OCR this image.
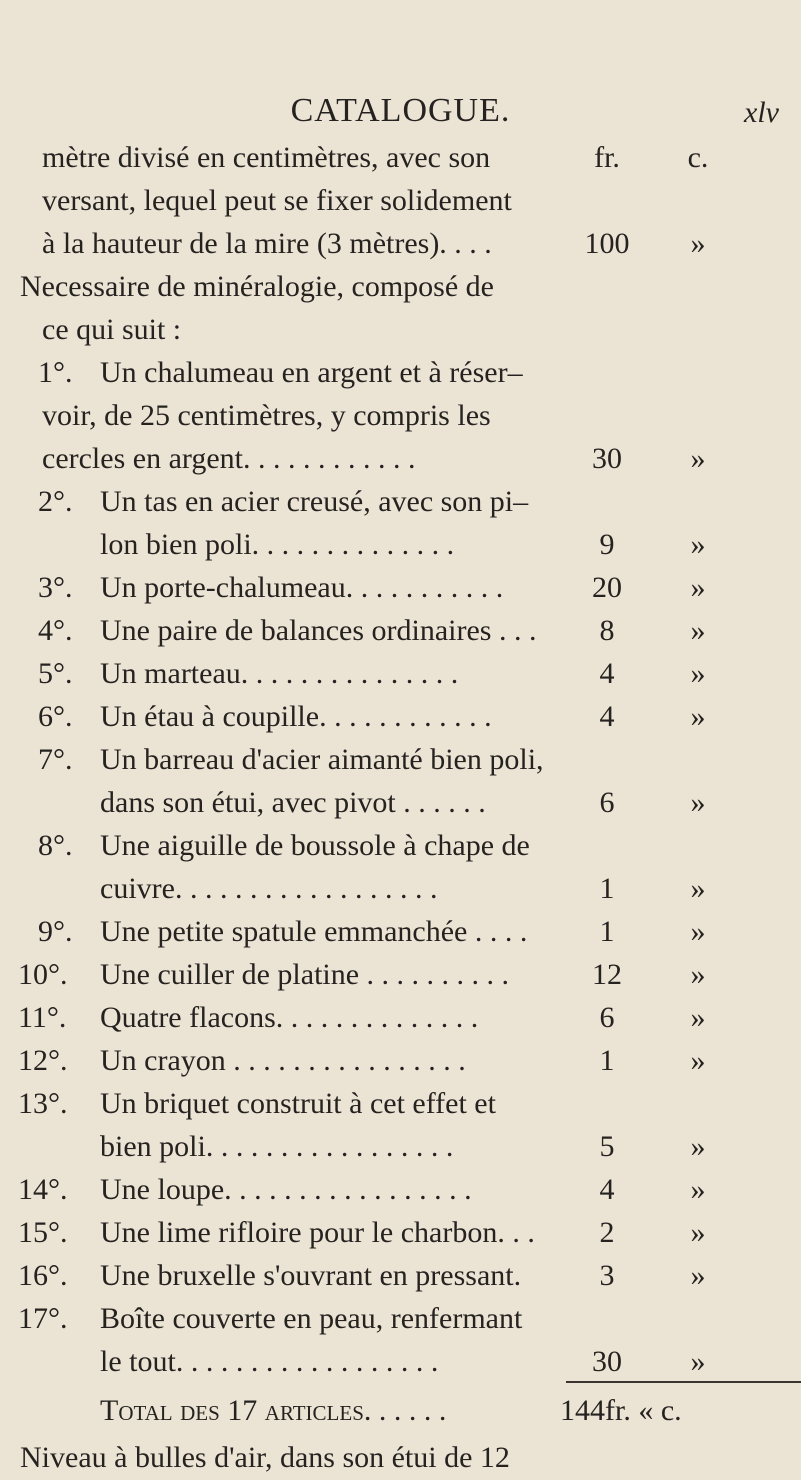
CATALOGUE.	xlv
mètre divisé en centimètres, avec son	fr.	c.
versant, lequel peut se fixer solidement
à la hauteur de la mire (3 mètres). . . .	100	»
Necessaire de minéralogie, composé de
ce qui suit :
1°. Un chalumeau en argent et à réser–
voir, de 25 centimètres, y compris les
cercles en argent. . . . . . . . . . . .	30	»
2°. Un tas en acier creusé, avec son pi–
lon bien poli. . . . . . . . . . . . . .	9	»
3°. Un porte-chalumeau. . . . . . . . . . .	20	»
4°. Une paire de balances ordinaires . . .	8	»
5°. Un marteau. . . . . . . . . . . . . . .	4	»
6°. Un étau à coupille. . . . . . . . . . . .	4	»
7°. Un barreau d'acier aimanté bien poli,
dans son étui, avec pivot . . . . . .	6	»
8°. Une aiguille de boussole à chape de
cuivre. . . . . . . . . . . . . . . . . .	1	»
9°. Une petite spatule emmanchée . . . .	1	»
10°. Une cuiller de platine . . . . . . . . . .	12	»
11°. Quatre flacons. . . . . . . . . . . . . .	6	»
12°. Un crayon . . . . . . . . . . . . . . . .	1	»
13°. Un briquet construit à cet effet et
bien poli. . . . . . . . . . . . . . . . .	5	»
14°. Une loupe. . . . . . . . . . . . . . . . .	4	»
15°. Une lime rifloire pour le charbon. . .	2	»
16°. Une bruxelle s'ouvrant en pressant.	3	»
17°. Boîte couverte en peau, renfermant
le tout. . . . . . . . . . . . . . . . . .	30	»
Total des 17 articles. . . . . .	144fr. « c.
Niveau à bulles d'air, dans son étui de 12
